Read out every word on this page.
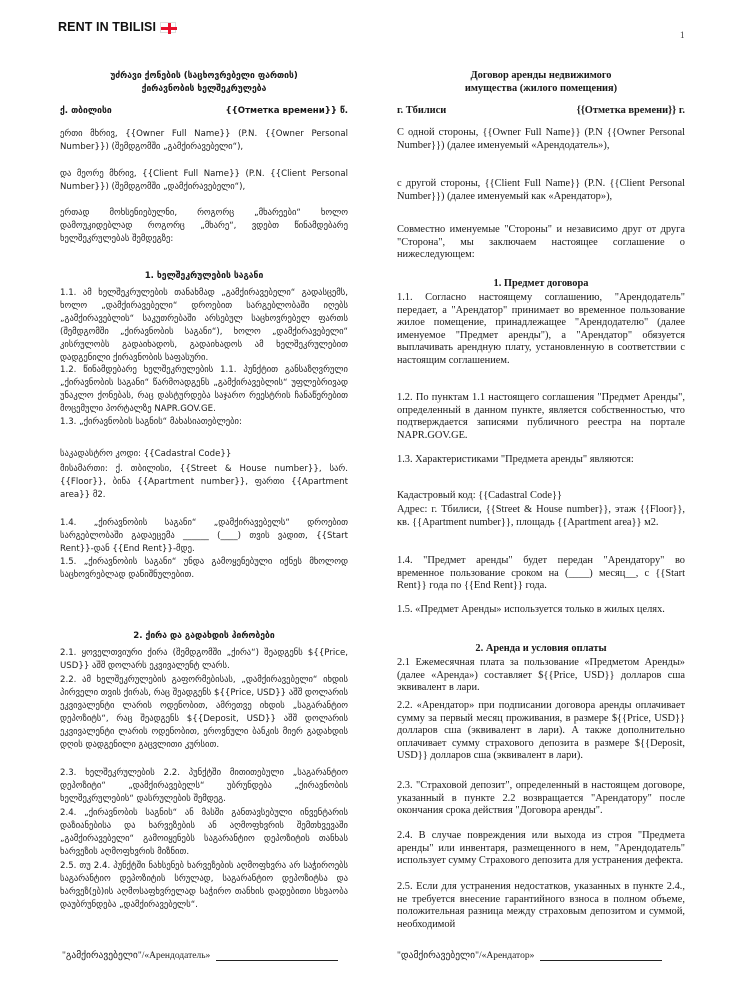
RENT IN TBILISI
1
უძრავი ქონების (საცხოვრებელი ფართის)
ქირავნობის ხელშეკრულება
ქ. თბილისი	{{Отметка времени}} წ.

ერთი მხრივ, {{Owner Full Name}} (P.N. {{Owner Personal Number}}) (შემდგომში „გამქირავებელი“),

და მეორე მხრივ, {{Client Full Name}} (P.N. {{Client Personal Number}}) (შემდგომში „დამქირავებელი“),

ერთად მოხსენიებულნი, როგორც „მხარეები“ ხოლო დამოუკიდებლად როგორც „მხარე“, ვდებთ წინამდებარე ხელშეკრულებას შემდეგზე:

1. ხელშეკრულების საგანი

1.1. ამ ხელშეკრულების თანახმად „გამქირავებელი“ გადასცემს, ხოლო „დამქირავებელი“ დროებით სარგებლობაში იღებს „გამქირავებლის“ საკუთრებაში არსებულ საცხოვრებელ ფართს (შემდგომში „ქირავნობის საგანი“), ხოლო „დამქირავებელი“ კისრულობს გადაიხადოს, გადაიხადოს ამ ხელშეკრულებით დადგენილი ქირავნობის საფასური.

1.2. წინამდებარე ხელშეკრულების 1.1. პუნქტით განსაზღვრული „ქირავნობის საგანი“ წარმოადგენს „გამქირავებლის“ უფლებრივად უნაკლო ქონებას, რაც დასტურდება საჯარო რეესტრის ჩანაწერებით მოცემული პორტალზე NAPR.GOV.GE.

1.3. „ქირავნობის საგნის“ მახასიათებლები:

საკადასტრო კოდი: {{Cadastral Code}}

მისამართი: ქ. თბილისი, {{Street & House number}}, სარ. {{Floor}}, ბინა {{Apartment number}}, ფართი {{Apartment area}} მ2.

1.4. „ქირავნობის საგანი“ „დამქირავებელს“ დროებით სარგებლობაში გადაეცემა ______ (____) თვის ვადით, {{Start Rent}}-დან {{End Rent}}-მდე.

1.5. „ქირავნობის საგანი“ უნდა გამოყენებული იქნეს მხოლოდ საცხოვრებლად დანიშნულებით.

2. ქირა და გადახდის პირობები

2.1. ყოველთვიური ქირა (შემდგომში „ქირა“) შეადგენს ${{Price, USD}} აშშ დოლარს ეკვივალენტ ლარს.

2.2. ამ ხელშეკრულების გაფორმებისას, „დამქირავებელი“ იხდის პირველი თვის ქირას, რაც შეადგენს ${{Price, USD}} აშშ დოლარის ეკვივალენტი ლარის ოდენობით, ამრეთვე იხდის „საგარანტიო დეპოზიტს“, რაც შეადგენს ${{Deposit, USD}} აშშ დოლარის ეკვივალენტი ლარის ოდენობით, ეროვნული ბანკის მიერ გადახდის დღის დადგენილი გაცვლითი კურსით.

2.3. ხელშეკრულების 2.2. პუნქტში მითითებული „საგარანტიო დეპოზიტი“ „დამქირავებელს“ უბრუნდება „ქირავნობის ხელშეკრულების“ დასრულების შემდეგ.

2.4. „ქირავნობის საგნის“ ან მასში განთავსებული ინვენტარის დაზიანებისა და ხარვეზების ან აღმოფხვრის შემთხვევაში „გამქირავებელი“ გამოიყენებს საგარანტიო დეპოზიტის თანხას ხარვეზის აღმოფხვრის მიზნით.

2.5. თუ 2.4. პუნქტში ნახსენებ ხარვეზების აღმოფხვრა არ საჭიროებს საგარანტიო დეპოზიტის სრულად, საგარანტიო დეპოზიტსა და ხარვეზ(ებ)ის აღმოსაფხვრელად საჭირო თანხის დადებითი სხვაობა დაუბრუნდება „დამქირავებელს“.

Договор аренды недвижимого
имущества (жилого помещения)
г. Тбилиси	{{Отметка времени}} г.

С одной стороны, {{Owner Full Name}} (P.N {{Owner Personal Number}}) (далее именуемый «Арендодатель»),

с другой стороны, {{Client Full Name}} (P.N. {{Client Personal Number}}) (далее именуемый как «Арендатор»),

Совместно именуемые "Стороны" и независимо друг от друга "Сторона", мы заключаем настоящее соглашение о нижеследующем:

1. Предмет договора

1.1. Согласно настоящему соглашению, "Арендодатель" передает, а "Арендатор" принимает во временное пользование жилое помещение, принадлежащее "Арендодателю" (далее именуемое "Предмет аренды"), а "Арендатор" обязуется выплачивать арендную плату, установленную в соответствии с настоящим соглашением.

1.2. По пунктам 1.1 настоящего соглашения "Предмет Аренды", определенный в данном пункте, является собственностью, что подтверждается записями публичного реестра на портале NAPR.GOV.GE.

1.3. Характеристиками "Предмета аренды" являются:

Кадастровый код: {{Cadastral Code}}

Адрес: г. Тбилиси, {{Street & House number}}, этаж {{Floor}}, кв. {{Apartment number}}, площадь {{Apartment area}} м2.

1.4. "Предмет аренды" будет передан "Арендатору" во временное пользование сроком на (____) месяц__, с {{Start Rent}} года по {{End Rent}} года.

1.5. «Предмет Аренды» используется только в жилых целях.

2. Аренда и условия оплаты

2.1 Ежемесячная плата за пользование «Предметом Аренды» (далее «Аренда») составляет ${{Price, USD}} долларов сша эквивалент в лари.

2.2. «Арендатор» при подписании договора аренды оплачивает сумму за первый месяц проживания, в размере ${{Price, USD}} долларов сша (эквивалент в лари). А также дополнительно оплачивает сумму страхового депозита в размере ${{Deposit, USD}} долларов сша (эквивалент в лари).

2.3. "Страховой депозит", определенный в настоящем договоре, указанный в пункте 2.2 возвращается "Арендатору" после окончания срока действия "Договора аренды".

2.4. В случае повреждения или выхода из строя "Предмета аренды" или инвентаря, размещенного в нем, "Арендодатель" использует сумму Страхового депозита для устранения дефекта.

2.5. Если для устранения недостатков, указанных в пункте 2.4., не требуется внесение гарантийного взноса в полном объеме, положительная разница между страховым депозитом и суммой, необходимой

"გამქირავებელი"/«Арендодатель»	"დამქირავებელი"/«Арендатор»
